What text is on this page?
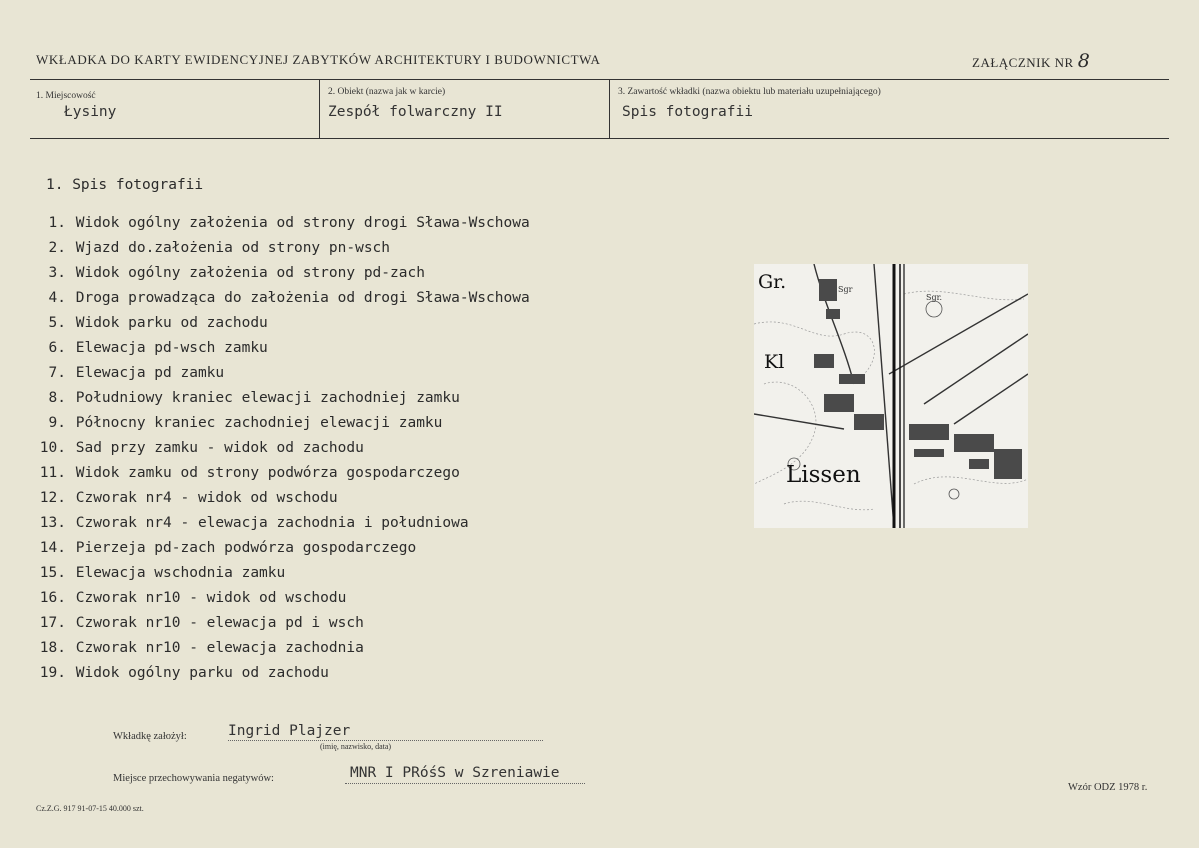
WKŁADKA DO KARTY EWIDENCYJNEJ ZABYTKÓW ARCHITEKTURY I BUDOWNICTWA	ZAŁĄCZNIK NR 8
1. Miejscowość
Łysiny
2. Obiekt (nazwa jak w karcie)
Zespół folwarczny II
3. Zawartość wkładki (nazwa obiektu lub materiału uzupełniającego)
Spis fotografii
1. Spis fotografii
1. Widok ogólny założenia od strony drogi Sława-Wschowa
2. Wjazd do.założenia od strony pn-wsch
3. Widok ogólny założenia od strony pd-zach
4. Droga prowadząca do założenia od drogi Sława-Wschowa
5. Widok parku od zachodu
6. Elewacja pd-wsch zamku
7. Elewacja pd zamku
8. Południowy kraniec elewacji zachodniej zamku
9. Północny kraniec zachodniej elewacji zamku
10. Sad przy zamku - widok od zachodu
11. Widok zamku od strony podwórza gospodarczego
12. Czworak nr4 - widok od wschodu
13. Czworak nr4 - elewacja zachodnia i południowa
14. Pierzeja pd-zach podwórza gospodarczego
15. Elewacja wschodnia zamku
16. Czworak nr10 - widok od wschodu
17. Czworak nr10 - elewacja pd i wsch
18. Czworak nr10 - elewacja zachodnia
19. Widok ogólny parku od zachodu
Gr.
Kl
Lissen
Sgr
Sgr.
Wkładkę założył:	Ingrid Plajzer
(imię, nazwisko, data)
Miejsce przechowywania negatywów:	MNR I PRóśS w Szreniawie
Cz.Z.G. 917 91-07-15 40.000 szt.
Wzór ODZ 1978 r.
